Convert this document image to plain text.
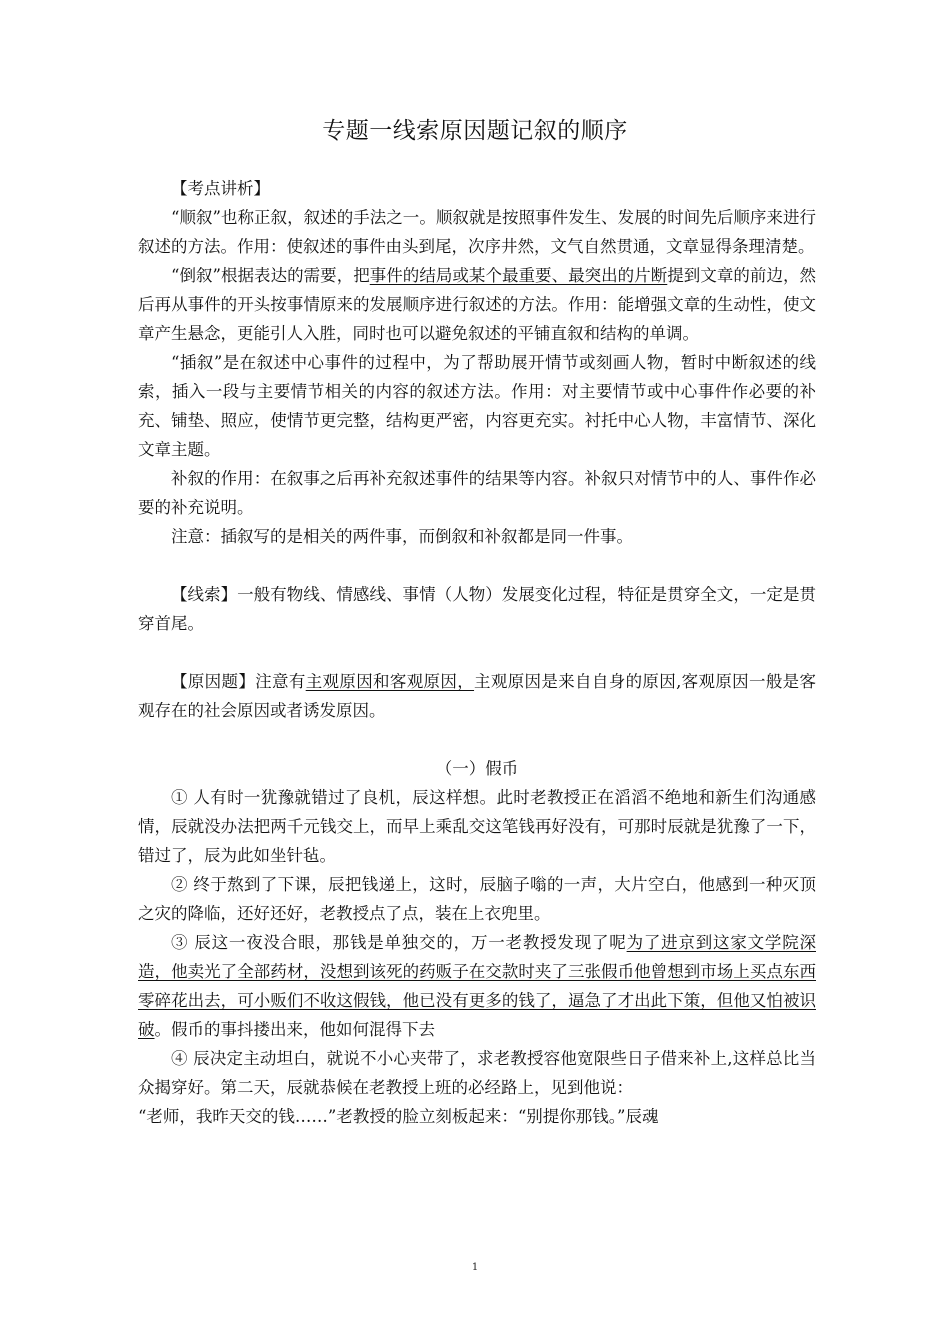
专题一线索原因题记叙的顺序

【考点讲析】

“顺叙”也称正叙，叙述的手法之一。顺叙就是按照事件发生、发展的时间先后顺序来进行叙述的方法。作用：使叙述的事件由头到尾，次序井然，文气自然贯通，文章显得条理清楚。

“倒叙”根据表达的需要，把事件的结局或某个最重要、最突出的片断提到文章的前边，然后再从事件的开头按事情原来的发展顺序进行叙述的方法。作用：能增强文章的生动性，使文章产生悬念，更能引人入胜，同时也可以避免叙述的平铺直叙和结构的单调。

“插叙”是在叙述中心事件的过程中，为了帮助展开情节或刻画人物，暂时中断叙述的线索，插入一段与主要情节相关的内容的叙述方法。作用：对主要情节或中心事件作必要的补充、铺垫、照应，使情节更完整，结构更严密，内容更充实。衬托中心人物，丰富情节、深化文章主题。

补叙的作用：在叙事之后再补充叙述事件的结果等内容。补叙只对情节中的人、事件作必要的补充说明。

注意：插叙写的是相关的两件事，而倒叙和补叙都是同一件事。

【线索】一般有物线、情感线、事情（人物）发展变化过程，特征是贯穿全文，一定是贯穿首尾。

【原因题】注意有主观原因和客观原因，主观原因是来自自身的原因,客观原因一般是客观存在的社会原因或者诱发原因。

（一）假币

① 人有时一犹豫就错过了良机，辰这样想。此时老教授正在滔滔不绝地和新生们沟通感情，辰就没办法把两千元钱交上，而早上乘乱交这笔钱再好没有，可那时辰就是犹豫了一下，错过了，辰为此如坐针毡。

② 终于熬到了下课，辰把钱递上，这时，辰脑子嗡的一声，大片空白，他感到一种灭顶之灾的降临，还好还好，老教授点了点，装在上衣兜里。

③ 辰这一夜没合眼，那钱是单独交的，万一老教授发现了呢为了进京到这家文学院深造，他卖光了全部药材，没想到该死的药贩子在交款时夹了三张假币他曾想到市场上买点东西零碎花出去，可小贩们不收这假钱，他已没有更多的钱了，逼急了才出此下策，但他又怕被识破。假币的事抖搂出来，他如何混得下去

④ 辰决定主动坦白，就说不小心夹带了，求老教授容他宽限些日子借来补上,这样总比当众揭穿好。第二天，辰就恭候在老教授上班的必经路上，见到他说：

“老师，我昨天交的钱……”老教授的脸立刻板起来：“别提你那钱。”辰魂

1
